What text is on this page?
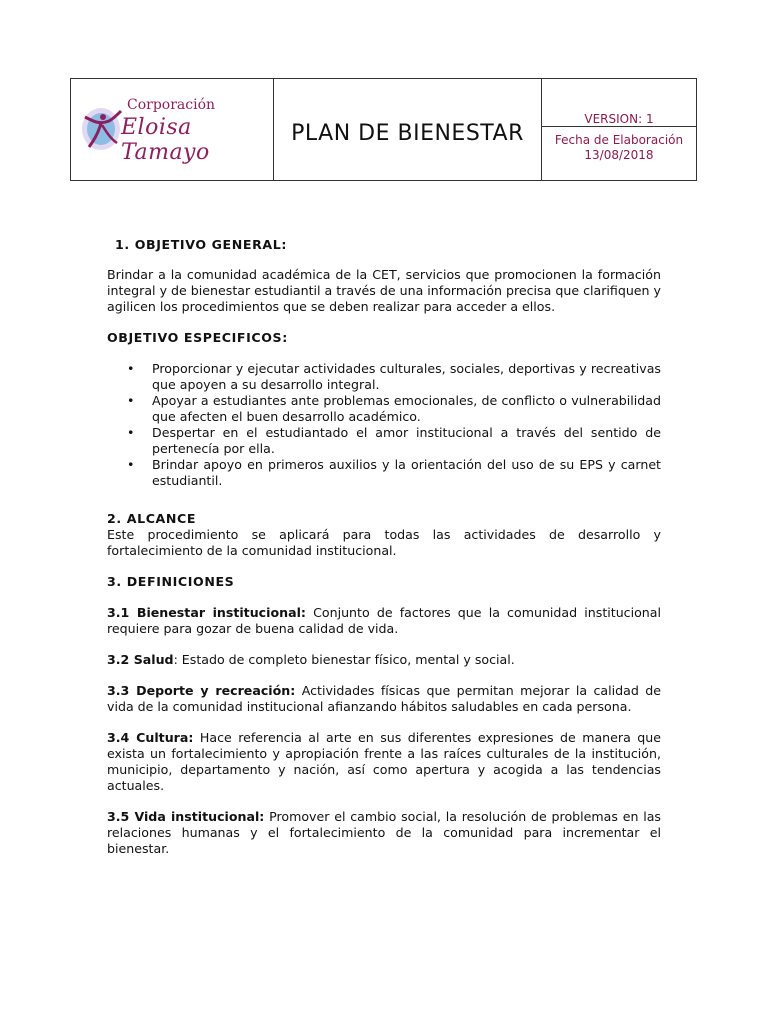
Corporación
Eloisa Tamayo
PLAN DE BIENESTAR
VERSION: 1
Fecha de Elaboración
13/08/2018
1. OBJETIVO GENERAL:

Brindar a la comunidad académica de la CET, servicios que promocionen la formación integral y de bienestar estudiantil a través de una información precisa que clarifiquen y agilicen los procedimientos que se deben realizar para acceder a ellos.

OBJETIVO ESPECIFICOS:
• Proporcionar y ejecutar actividades culturales, sociales, deportivas y recreativas que apoyen a su desarrollo integral.
• Apoyar a estudiantes ante problemas emocionales, de conflicto o vulnerabilidad que afecten el buen desarrollo académico.
• Despertar en el estudiantado el amor institucional a través del sentido de pertenecía por ella.
• Brindar apoyo en primeros auxilios y la orientación del uso de su EPS y carnet estudiantil.
2. ALCANCE

Este procedimiento se aplicará para todas las actividades de desarrollo y fortalecimiento de la comunidad institucional.

3. DEFINICIONES

3.1 Bienestar institucional: Conjunto de factores que la comunidad institucional requiere para gozar de buena calidad de vida.

3.2 Salud: Estado de completo bienestar físico, mental y social.

3.3 Deporte y recreación: Actividades físicas que permitan mejorar la calidad de vida de la comunidad institucional afianzando hábitos saludables en cada persona.

3.4 Cultura: Hace referencia al arte en sus diferentes expresiones de manera que exista un fortalecimiento y apropiación frente a las raíces culturales de la institución, municipio, departamento y nación, así como apertura y acogida a las tendencias actuales.

3.5 Vida institucional: Promover el cambio social, la resolución de problemas en las relaciones humanas y el fortalecimiento de la comunidad para incrementar el bienestar.
